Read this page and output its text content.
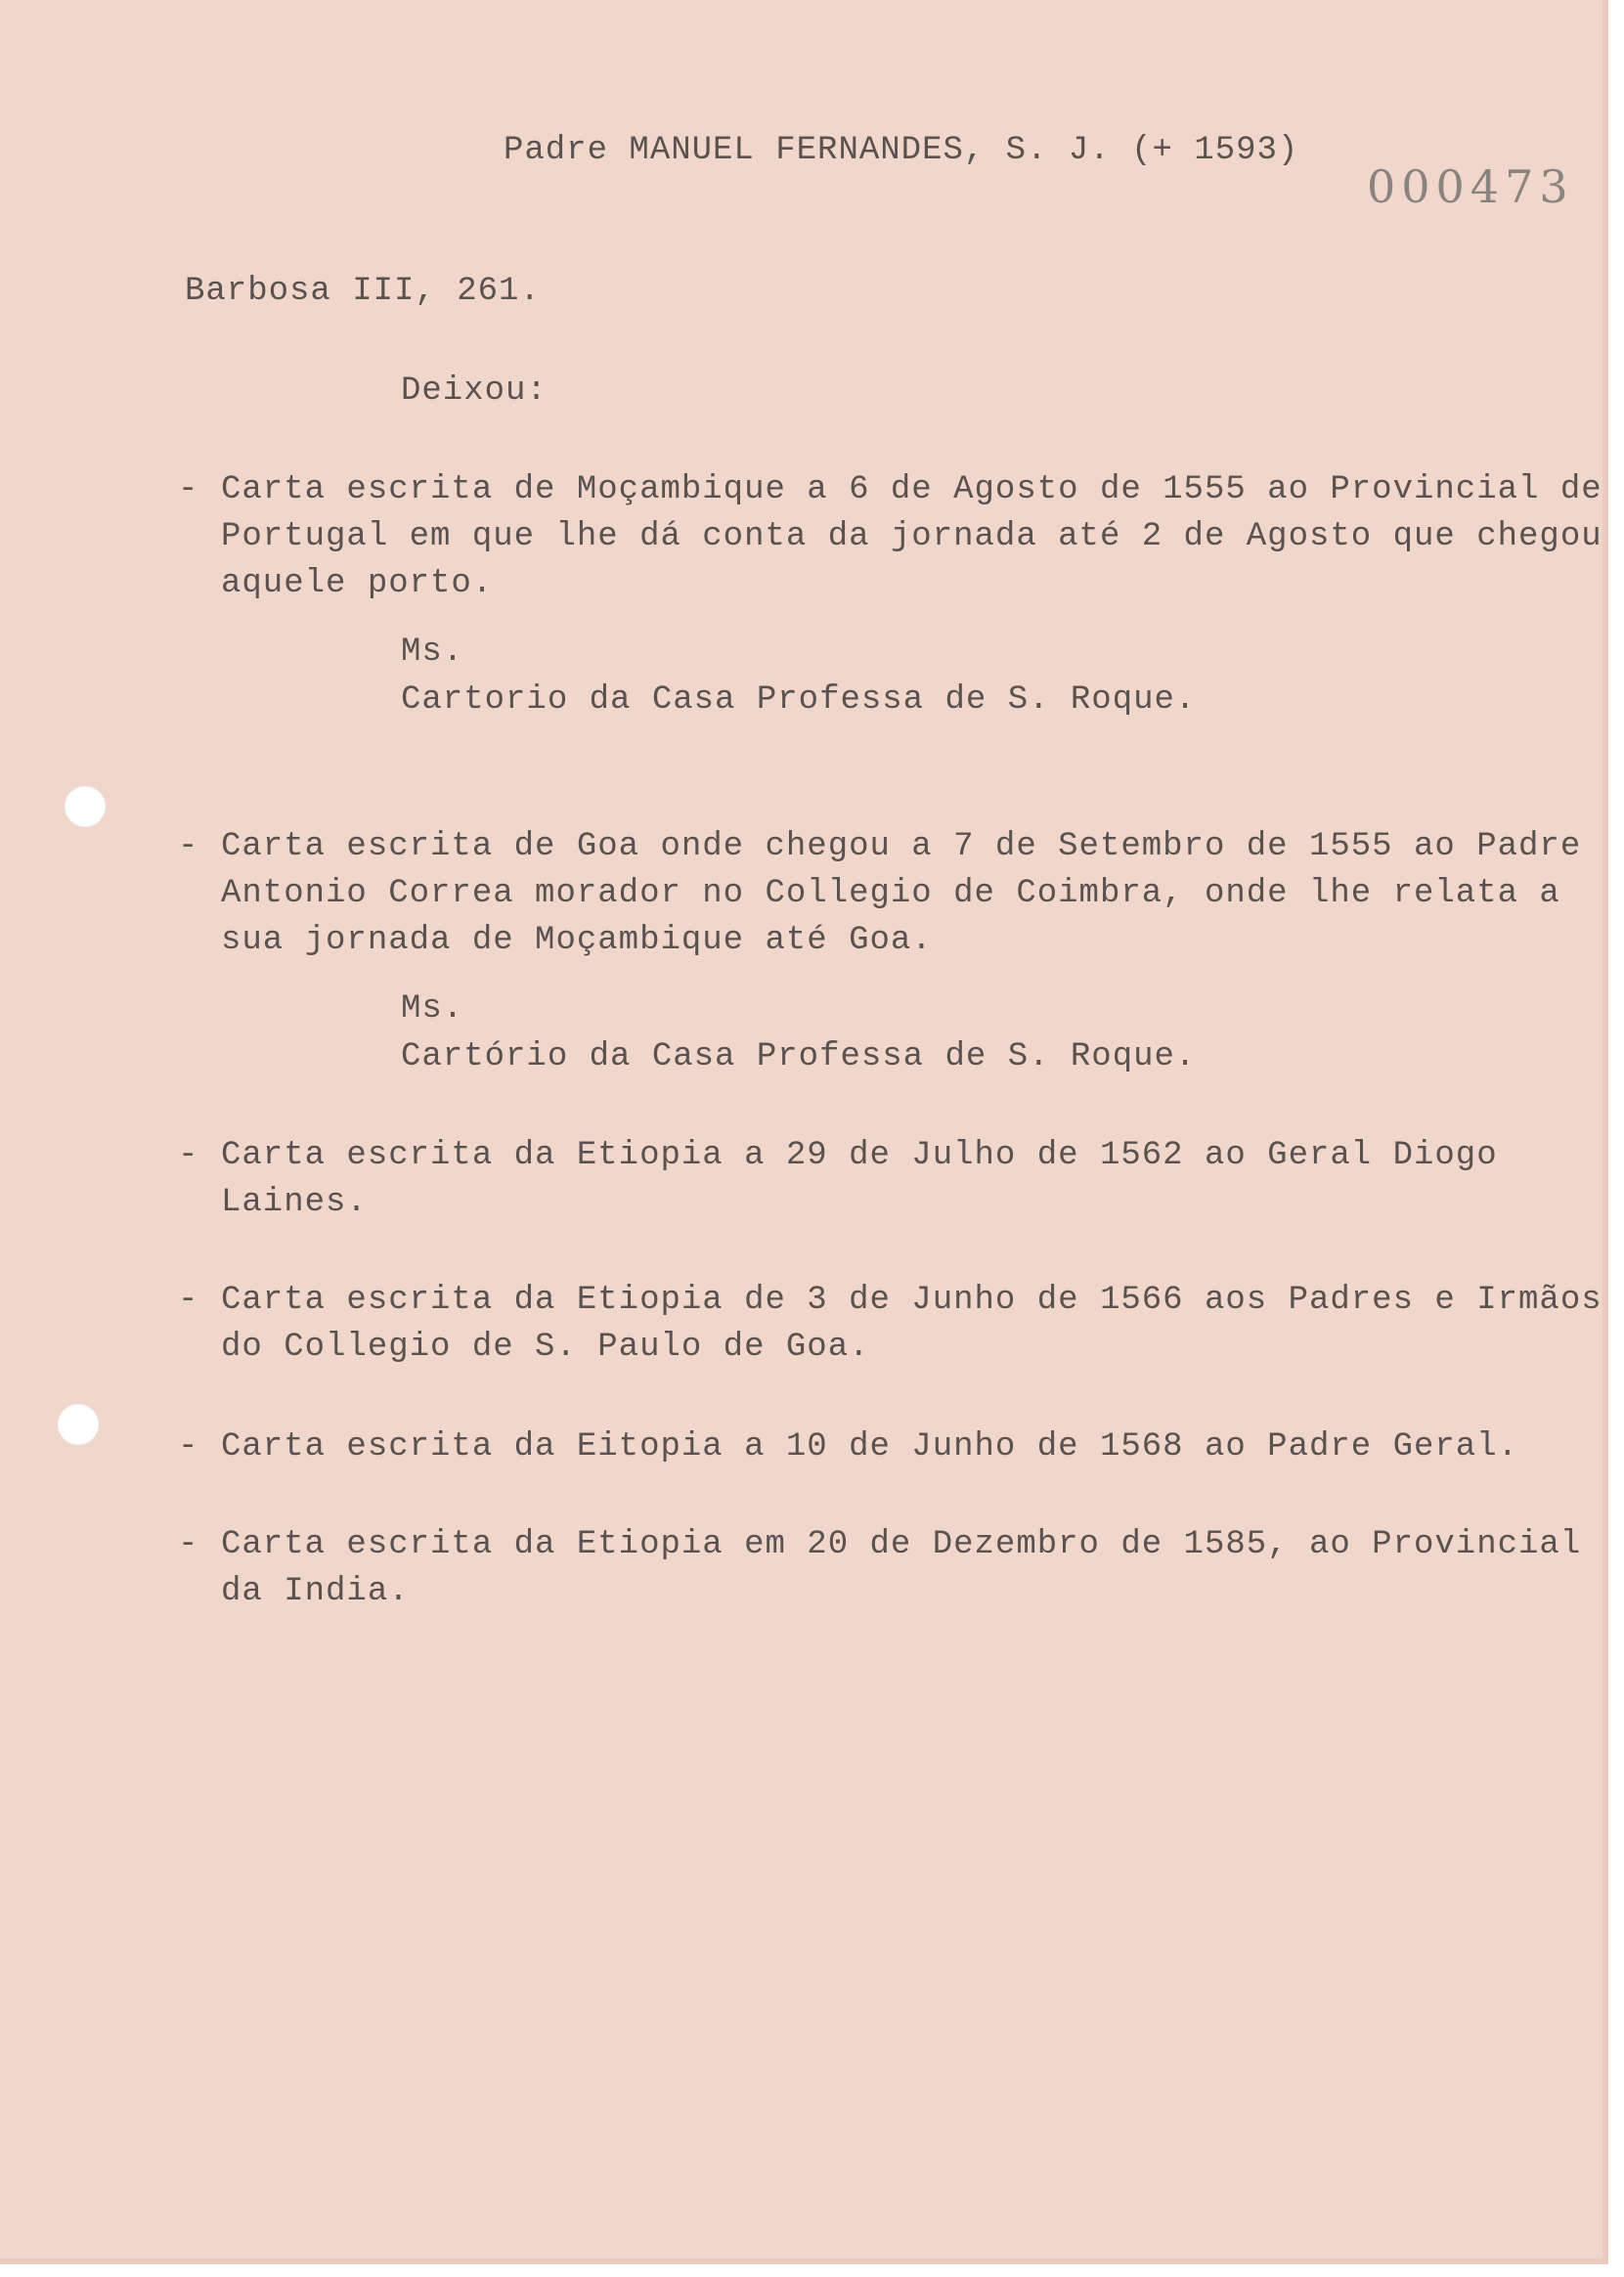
Padre MANUEL FERNANDES, S. J. (+ 1593)

000473

Barbosa III, 261.

Deixou:

- Carta escrita de Moçambique a 6 de Agosto de 1555 ao Provincial de

Portugal em que lhe dá conta da jornada até 2 de Agosto que chegou

aquele porto.

Ms.

Cartorio da Casa Professa de S. Roque.

- Carta escrita de Goa onde chegou a 7 de Setembro de 1555 ao Padre

Antonio Correa morador no Collegio de Coimbra, onde lhe relata a

sua jornada de Moçambique até Goa.

Ms.

Cartório da Casa Professa de S. Roque.

- Carta escrita da Etiopia a 29 de Julho de 1562 ao Geral Diogo

Laines.

- Carta escrita da Etiopia de 3 de Junho de 1566 aos Padres e Irmãos

do Collegio de S. Paulo de Goa.

- Carta escrita da Eitopia a 10 de Junho de 1568 ao Padre Geral.

- Carta escrita da Etiopia em 20 de Dezembro de 1585, ao Provincial

da India.
